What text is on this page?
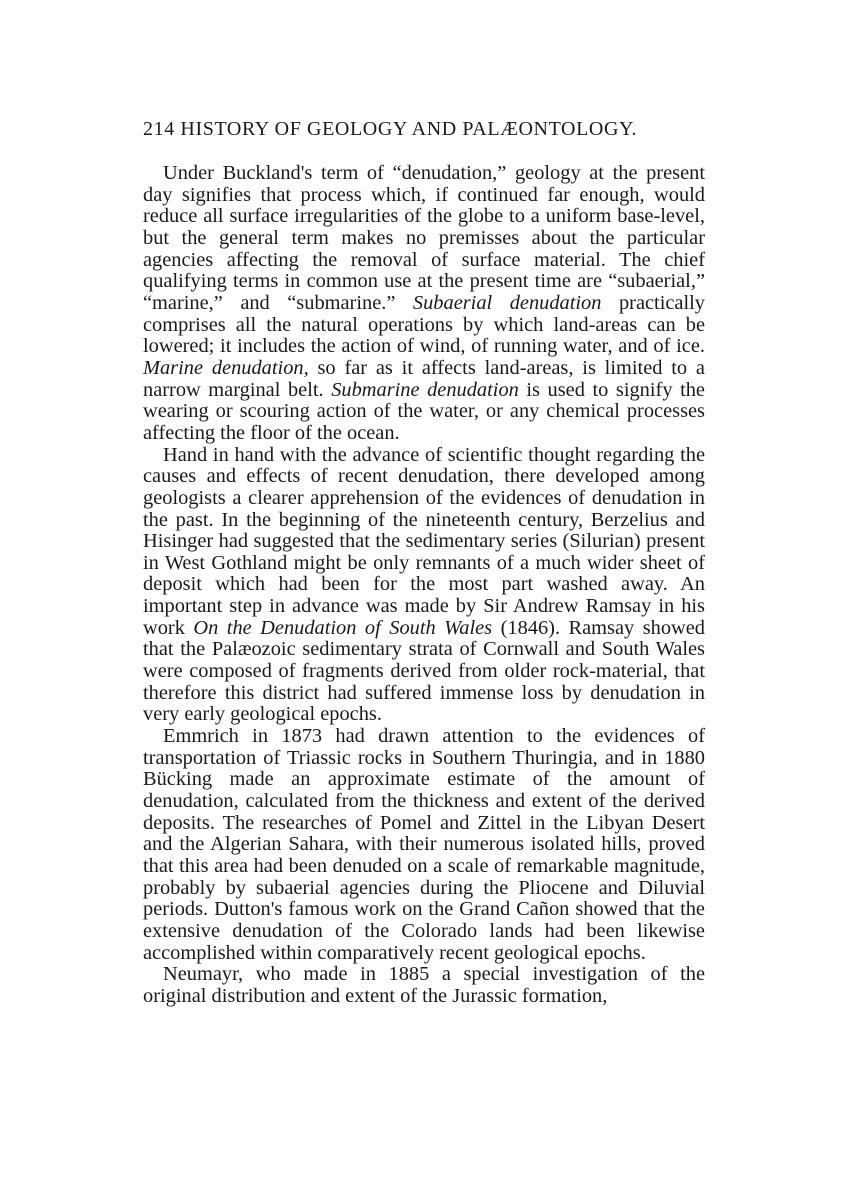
214 HISTORY OF GEOLOGY AND PALÆONTOLOGY.

Under Buckland's term of “denudation,” geology at the present day signifies that process which, if continued far enough, would reduce all surface irregularities of the globe to a uniform base-level, but the general term makes no premisses about the particular agencies affecting the removal of surface material. The chief qualifying terms in common use at the present time are “subaerial,” “marine,” and “submarine.” Subaerial denudation practically comprises all the natural operations by which land-areas can be lowered; it includes the action of wind, of running water, and of ice. Marine denudation, so far as it affects land-areas, is limited to a narrow marginal belt. Submarine denudation is used to signify the wearing or scouring action of the water, or any chemical processes affecting the floor of the ocean.

Hand in hand with the advance of scientific thought regarding the causes and effects of recent denudation, there developed among geologists a clearer apprehension of the evidences of denudation in the past. In the beginning of the nineteenth century, Berzelius and Hisinger had suggested that the sedimentary series (Silurian) present in West Gothland might be only remnants of a much wider sheet of deposit which had been for the most part washed away. An important step in advance was made by Sir Andrew Ramsay in his work On the Denudation of South Wales (1846). Ramsay showed that the Palæozoic sedimentary strata of Cornwall and South Wales were composed of fragments derived from older rock-material, that therefore this district had suffered immense loss by denudation in very early geological epochs.

Emmrich in 1873 had drawn attention to the evidences of transportation of Triassic rocks in Southern Thuringia, and in 1880 Bücking made an approximate estimate of the amount of denudation, calculated from the thickness and extent of the derived deposits. The researches of Pomel and Zittel in the Libyan Desert and the Algerian Sahara, with their numerous isolated hills, proved that this area had been denuded on a scale of remarkable magnitude, probably by subaerial agencies during the Pliocene and Diluvial periods. Dutton's famous work on the Grand Cañon showed that the extensive denudation of the Colorado lands had been likewise accomplished within comparatively recent geological epochs.

Neumayr, who made in 1885 a special investigation of the original distribution and extent of the Jurassic formation,
